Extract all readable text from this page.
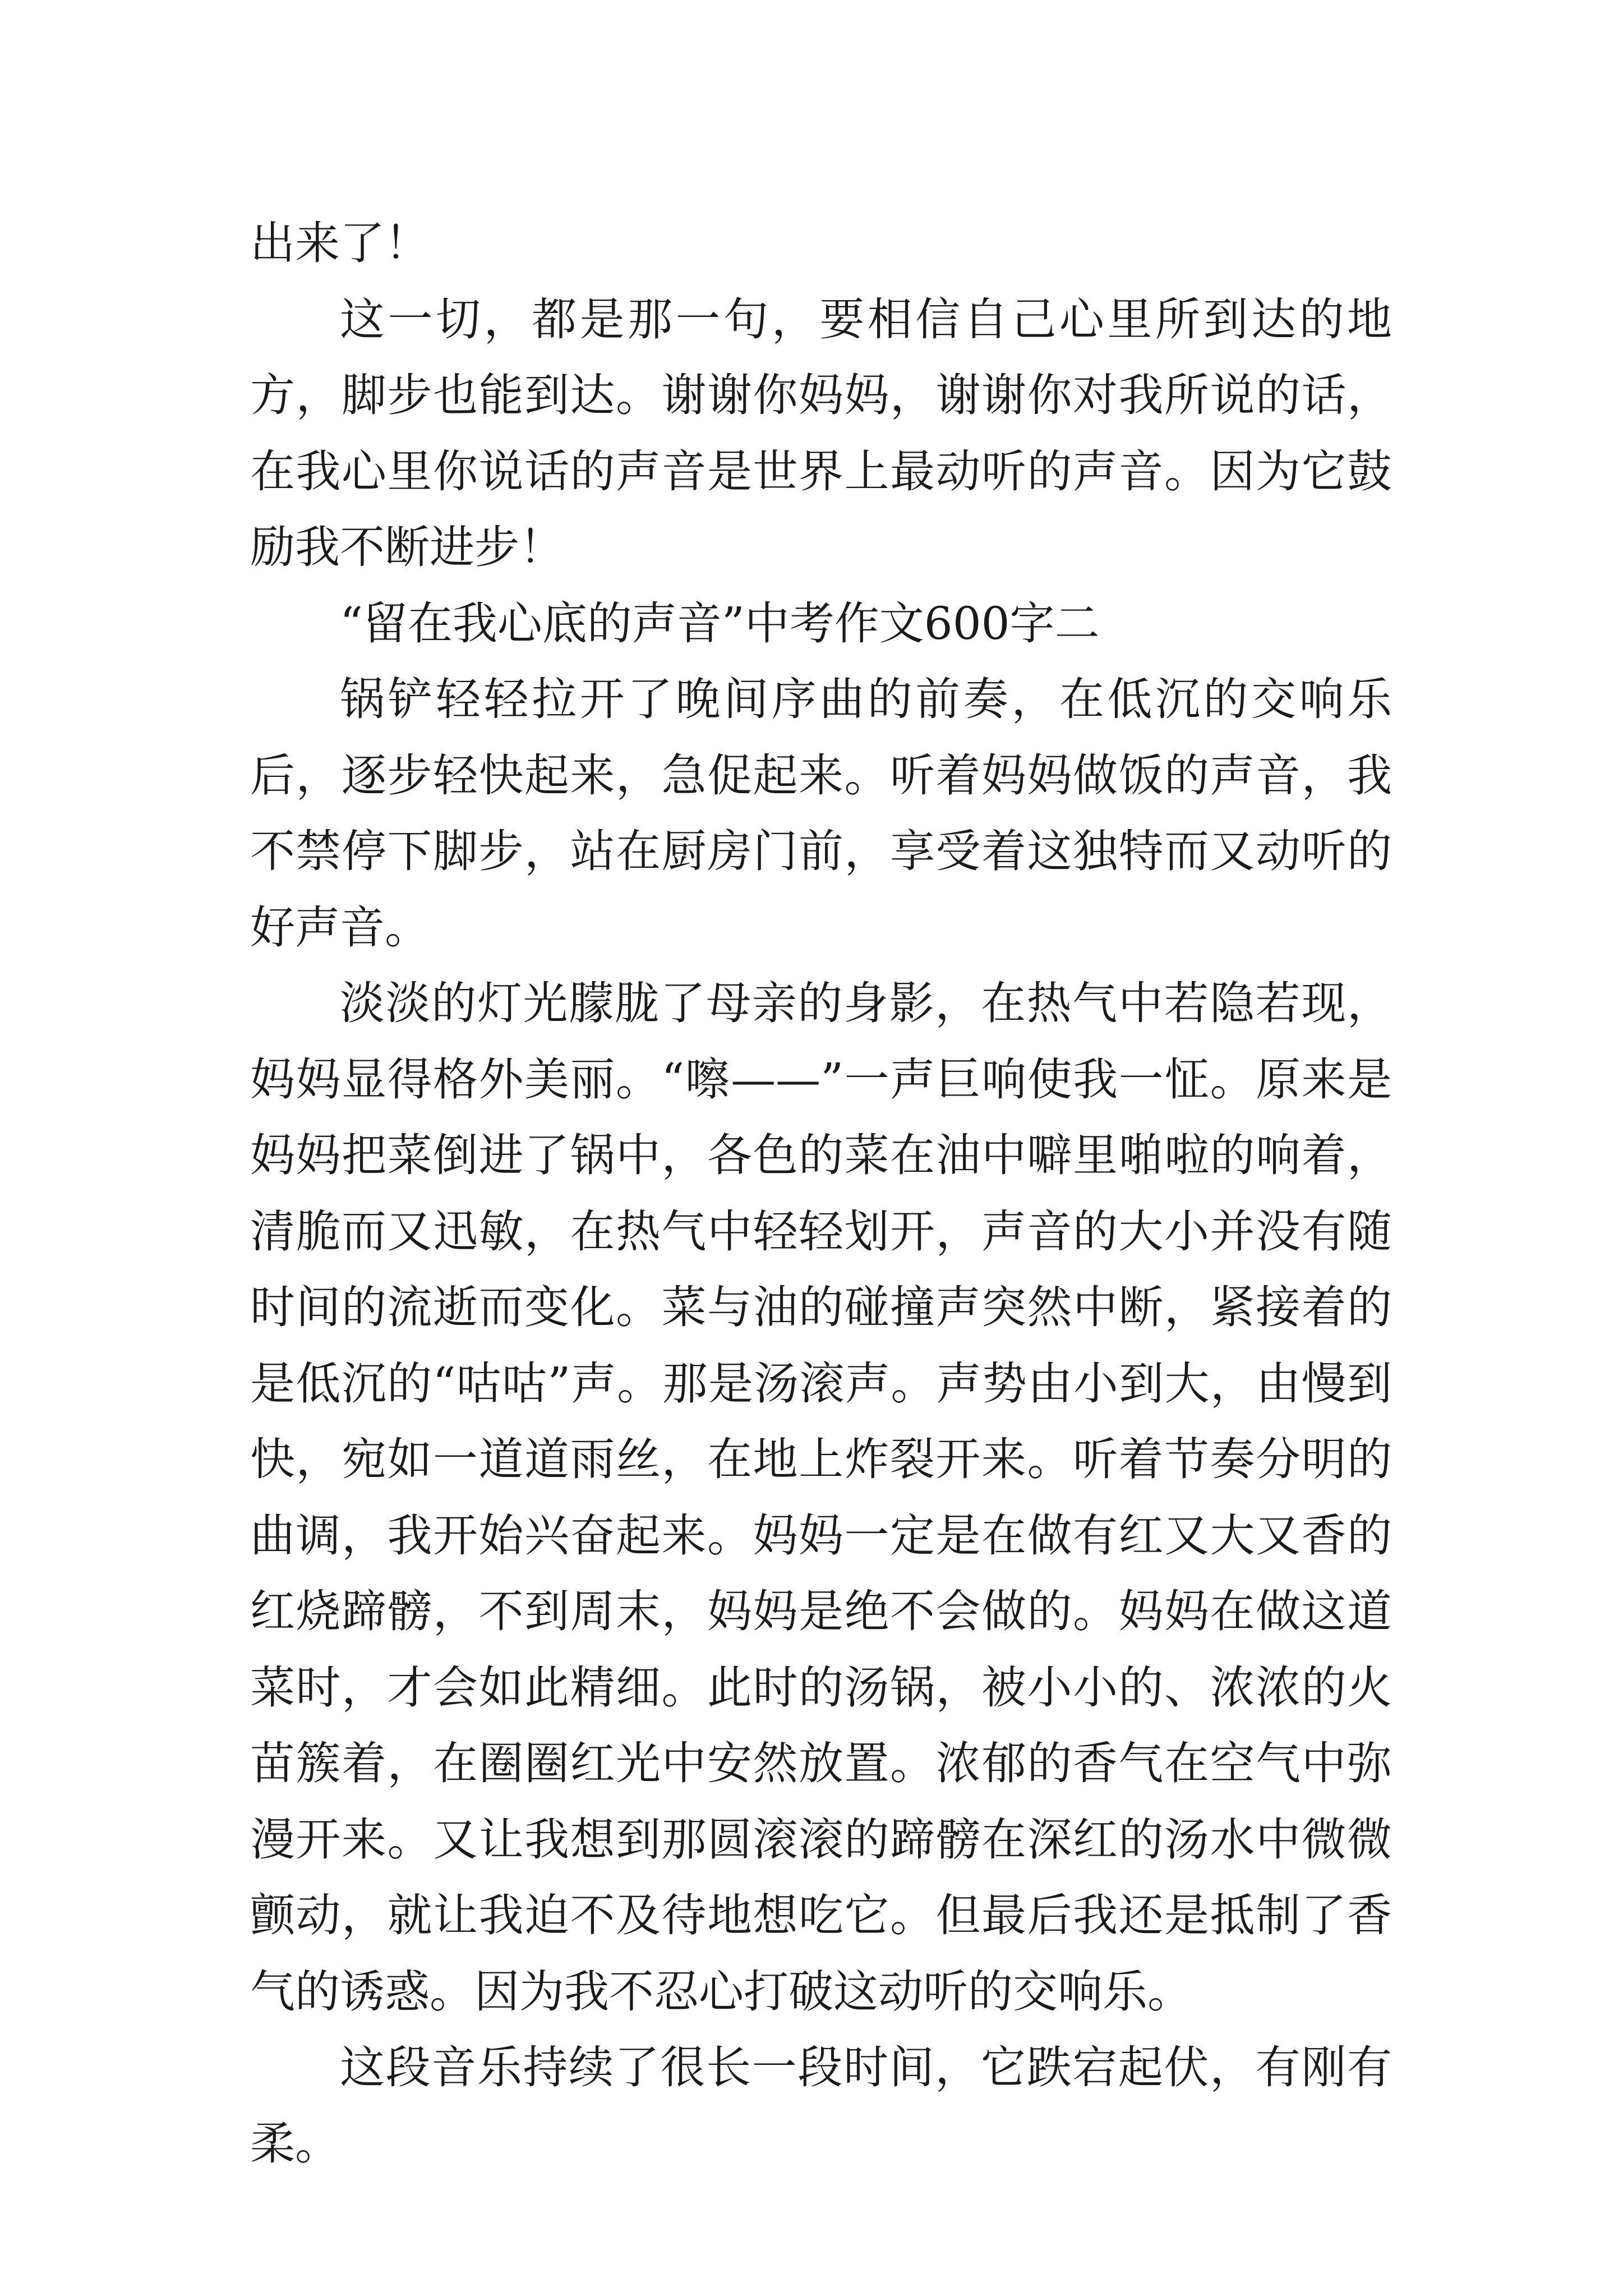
出来了！

这一切，都是那一句，要相信自己心里所到达的地方，脚步也能到达。谢谢你妈妈，谢谢你对我所说的话，在我心里你说话的声音是世界上最动听的声音。因为它鼓励我不断进步！

“留在我心底的声音”中考作文600字二

锅铲轻轻拉开了晚间序曲的前奏，在低沉的交响乐后，逐步轻快起来，急促起来。听着妈妈做饭的声音，我不禁停下脚步，站在厨房门前，享受着这独特而又动听的好声音。

淡淡的灯光朦胧了母亲的身影，在热气中若隐若现，妈妈显得格外美丽。“嚓——”一声巨响使我一怔。原来是妈妈把菜倒进了锅中，各色的菜在油中噼里啪啦的响着，清脆而又迅敏，在热气中轻轻划开，声音的大小并没有随时间的流逝而变化。菜与油的碰撞声突然中断，紧接着的是低沉的“咕咕”声。那是汤滚声。声势由小到大，由慢到快，宛如一道道雨丝，在地上炸裂开来。听着节奏分明的曲调，我开始兴奋起来。妈妈一定是在做有红又大又香的红烧蹄髈，不到周末，妈妈是绝不会做的。妈妈在做这道菜时，才会如此精细。此时的汤锅，被小小的、浓浓的火苗簇着，在圈圈红光中安然放置。浓郁的香气在空气中弥漫开来。又让我想到那圆滚滚的蹄髈在深红的汤水中微微颤动，就让我迫不及待地想吃它。但最后我还是抵制了香气的诱惑。因为我不忍心打破这动听的交响乐。

这段音乐持续了很长一段时间，它跌宕起伏，有刚有柔。
